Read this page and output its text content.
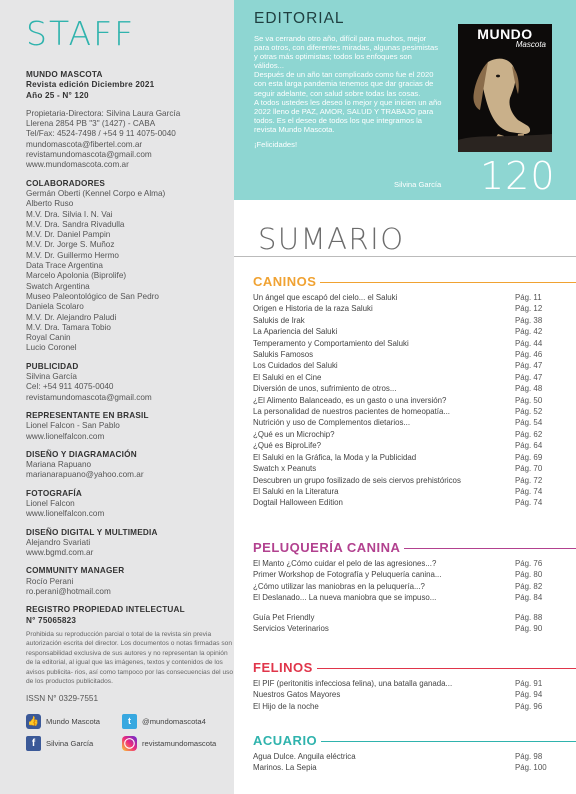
STAFF
MUNDO MASCOTA
Revista edición Diciembre 2021
Año 25 - N° 120
Propietaria-Directora: Silvina Laura García
Llerena 2854 PB "3" (1427) - CABA
Tel/Fax: 4524-7498 / +54 9 11 4075-0040
mundomascota@fibertel.com.ar
revistamundomascota@gmail.com
www.mundomascota.com.ar
COLABORADORES
Germán Oberti (Kennel Corpo e Alma)
Alberto Ruso
M.V. Dra. Silvia I. N. Vai
M.V. Dra. Sandra Rivadulla
M.V. Dr. Daniel Pampin
M.V. Dr. Jorge S. Muñoz
M.V. Dr. Guillermo Hermo
Data Trace Argentina
Marcelo Apolonia (Biprolife)
Swatch Argentina
Museo Paleontológico de San Pedro
Daniela Scolaro
M.V. Dr. Alejandro Paludi
M.V. Dra. Tamara Tobio
Royal Canin
Lucio Coronel
PUBLICIDAD
Silvina García
Cel: +54 911 4075-0040
revistamundomascota@gmail.com
REPRESENTANTE EN BRASIL
Lionel Falcon - San Pablo
www.lionelfalcon.com
DISEÑO Y DIAGRAMACIÓN
Mariana Rapuano
marianarapuano@yahoo.com.ar
FOTOGRAFÍA
Lionel Falcon
www.lionelfalcon.com
DISEÑO DIGITAL Y MULTIMEDIA
Alejandro Svariati
www.bgmd.com.ar
COMMUNITY MANAGER
Rocío Perani
ro.perani@hotmail.com
REGISTRO PROPIEDAD INTELECTUAL
N° 75065823
Prohibida su reproducción parcial o total de la revista sin previa autorización escrita del director. Los documentos o notas firmadas son responsabilidad exclusiva de sus autores y no representan la opinión de la editorial, al igual que las imágenes, textos y contenidos de los avisos publicita- rios, así como tampoco por las consecuencias del uso de los productos publicitados.
ISSN N° 0329-7551
👍 Mundo Mascota	t	@mundomascota4
f	Silvina García	◯ revistamundomascota
EDITORIAL

Se va cerrando otro año, difícil para muchos, mejor para otros, con diferentes miradas, algunas pesimistas y otras más optimistas; todos los enfoques son válidos...

Después de un año tan complicado como fue el 2020 con esta larga pandemia tenemos que dar gracias de seguir adelante, con salud sobre todas las cosas.

A todos ustedes les deseo lo mejor y que inicien un año 2022 lleno de PAZ, AMOR, SALUD Y TRABAJO para todos. Es el deseo de todos los que integramos la revista Mundo Mascota.

¡Felicidades!

Silvina García 120
MUNDO
Mascota
SUMARIO
CANINOS
Un ángel que escapó del cielo... el Saluki	Pág. 11
Origen e Historia de la raza Saluki	Pág. 12
Salukis de Irak	Pág. 38
La Apariencia del Saluki	Pág. 42
Temperamento y Comportamiento del Saluki	Pág. 44
Salukis Famosos	Pág. 46
Los Cuidados del Saluki	Pág. 47
El Saluki en el Cine	Pág. 47
Diversión de unos, sufrimiento de otros...	Pág. 48
¿El Alimento Balanceado, es un gasto o una inversión?	Pág. 50
La personalidad de nuestros pacientes de homeopatía...	Pág. 52
Nutrición y uso de Complementos dietarios...	Pág. 54
¿Qué es un Microchip?	Pág. 62
¿Qué es BiproLife?	Pág. 64
El Saluki en la Gráfica, la Moda y la Publicidad	Pág. 69
Swatch x Peanuts	Pág. 70
Descubren un grupo fosilizado de seis ciervos prehistóricos	Pág. 72
El Saluki en la Literatura	Pág. 74
Dogtail Halloween Edition	Pág. 74
PELUQUERÍA CANINA
El Manto ¿Cómo cuidar el pelo de las agresiones...?	Pág. 76
Primer Workshop de Fotografía y Peluquería canina...	Pág. 80
¿Cómo utilizar las maniobras en la peluquería...?	Pág. 82
El Deslanado... La nueva maniobra que se impuso...	Pág. 84
Guía Pet Friendly	Pág. 88
Servicios Veterinarios	Pág. 90
FELINOS
El PIF (peritonitis infecciosa felina), una batalla ganada...	Pág. 91
Nuestros Gatos Mayores	Pág. 94
El Hijo de la noche	Pág. 96
ACUARIO
Agua Dulce. Anguila eléctrica	Pág. 98
Marinos. La Sepia	Pág. 100
